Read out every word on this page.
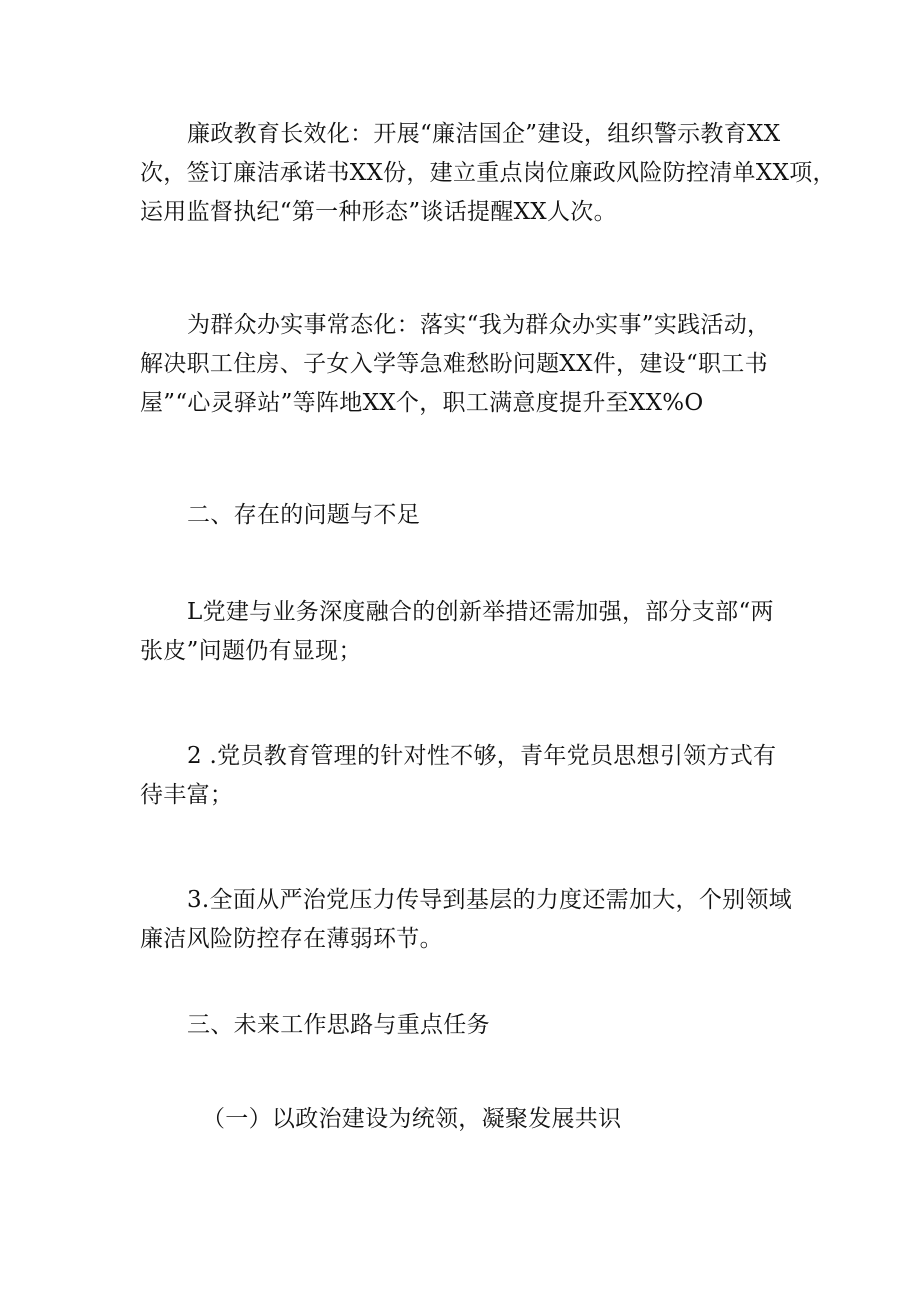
廉政教育长效化：开展“廉洁国企”建设，组织警示教育XX
次，签订廉洁承诺书XX份，建立重点岗位廉政风险防控清单XX项，
运用监督执纪“第一种形态”谈话提醒XX人次。

为群众办实事常态化：落实“我为群众办实事”实践活动，
解决职工住房、子女入学等急难愁盼问题XX件，建设“职工书
屋”“心灵驿站”等阵地XX个，职工满意度提升至XX%O

二、存在的问题与不足

L党建与业务深度融合的创新举措还需加强，部分支部“两
张皮”问题仍有显现；

2 .党员教育管理的针对性不够，青年党员思想引领方式有
待丰富；

3.全面从严治党压力传导到基层的力度还需加大，个别领域
廉洁风险防控存在薄弱环节。

三、未来工作思路与重点任务

（一）以政治建设为统领，凝聚发展共识
